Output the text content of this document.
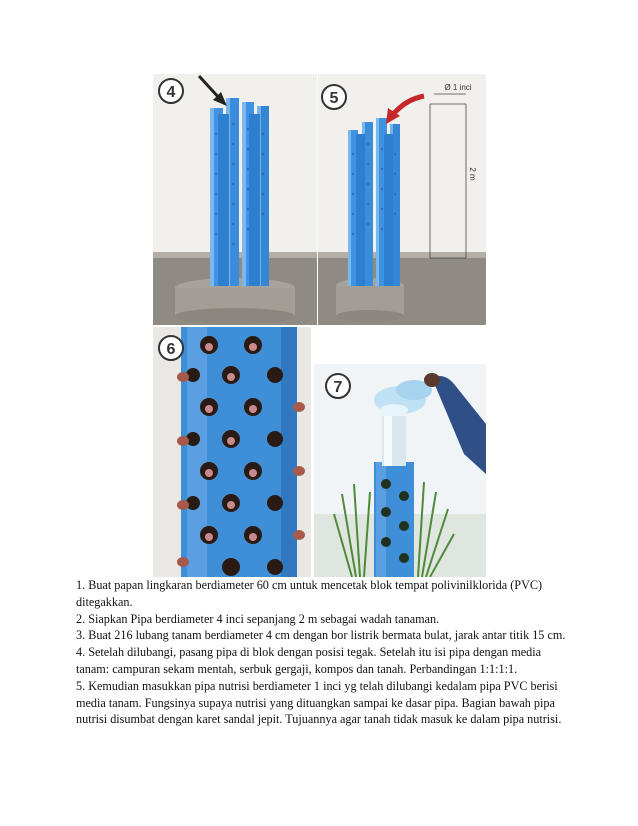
4	Ø 1 inci
2 m
5
6
7

1. Buat papan lingkaran berdiameter 60 cm untuk mencetak blok tempat polivinilklorida (PVC) ditegakkan.

2. Siapkan Pipa berdiameter 4 inci sepanjang 2 m sebagai wadah tanaman.

3. Buat 216 lubang tanam berdiameter 4 cm dengan bor listrik bermata bulat, jarak antar titik 15 cm.

4. Setelah dilubangi, pasang pipa di blok dengan posisi tegak. Setelah itu isi pipa dengan media tanam: campuran sekam mentah, serbuk gergaji, kompos dan tanah. Perbandingan 1:1:1:1.

5. Kemudian masukkan pipa nutrisi berdiameter 1 inci yg telah dilubangi kedalam pipa PVC berisi media tanam. Fungsinya supaya nutrisi yang dituangkan sampai ke dasar pipa. Bagian bawah pipa nutrisi disumbat dengan karet sandal jepit. Tujuannya agar tanah tidak masuk ke dalam pipa nutrisi.
